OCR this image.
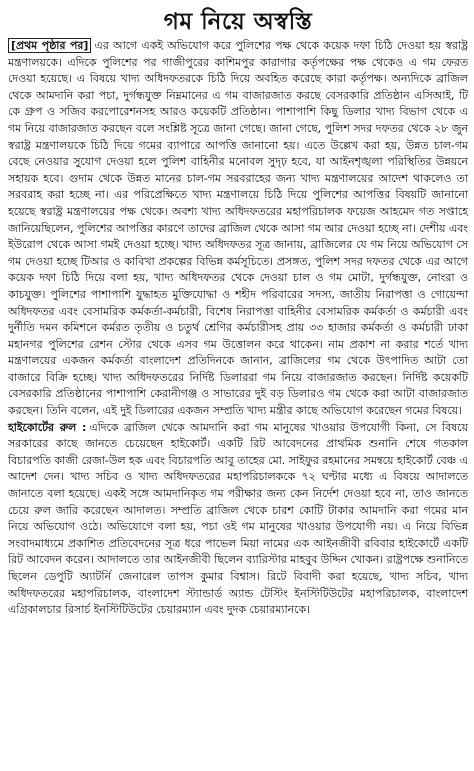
গম নিয়ে অস্বস্তি

[প্রথম পৃষ্ঠার পর] এর আগে একই অভিযোগ করে পুলিশের পক্ষ থেকে কয়েক দফা চিঠি দেওয়া হয় স্বরাষ্ট্র মন্ত্রণালয়কে। এদিকে পুলিশের পর গাজীপুরের কাশিমপুর কারাগার কর্তৃপক্ষের পক্ষ থেকেও এ গম ফেরত দেওয়া হয়েছে। এ বিষয়ে খাদ্য অধিদফতরকে চিঠি দিয়ে অবহিত করেছে কারা কর্তৃপক্ষ। অন্যদিকে ব্রাজিল থেকে আমদানি করা পচা, দুর্গন্ধযুক্ত নিম্নমানের এ গম বাজারজাত করছে বেসরকারি প্রতিষ্ঠান এসিআই, টি কে গ্রুপ ও সজিব করপোরেশনসহ আরও কয়েকটি প্রতিষ্ঠান। পাশাপাশি কিছু ডিলার খাদ্য বিভাগ থেকে এ গম নিয়ে বাজারজাত করছেন বলে সংশ্লিষ্ট সূত্রে জানা গেছে। জানা গেছে, পুলিশ সদর দফতর থেকে ২৮ জুন স্বরাষ্ট্র মন্ত্রণালয়কে চিঠি দিয়ে গমের ব্যাপারে আপত্তি জানানো হয়। এতে উল্লেখ করা হয়, উন্নত চাল-গম বেছে নেওয়ার সুযোগ দেওয়া হলে পুলিশ বাহিনীর মনোবল সুদৃঢ় হবে, যা আইনশৃঙ্খলা পরিস্থিতির উন্নয়নে সহায়ক হবে। গুদাম থেকে উন্নত মানের চাল-গম সরবরাহের জন্য খাদ্য মন্ত্রণালয়ের আদেশ থাকলেও তা সরবরাহ করা হচ্ছে না। এর পরিপ্রেক্ষিতে খাদ্য মন্ত্রণালয়ে চিঠি দিয়ে পুলিশের আপত্তির বিষয়টি জানানো হয়েছে স্বরাষ্ট্র মন্ত্রণালয়ের পক্ষ থেকে। অবশ্য খাদ্য অধিদফতরের মহাপরিচালক ফয়েজ আহমেদ গত সপ্তাহে জানিয়েছিলেন, পুলিশের আপত্তির কারণে তাদের ব্রাজিল থেকে আসা গম আর দেওয়া হচ্ছে না। দেশীয় এবং ইউরোপ থেকে আসা গমই দেওয়া হচ্ছে। খাদ্য অধিদফতর সূত্র জানায়, ব্রাজিলের যে গম নিয়ে অভিযোগ সে গম দেওয়া হচ্ছে টিআর ও কাবিখা প্রকল্পের বিভিন্ন কর্মসূচিতে। প্রসঙ্গত, পুলিশ সদর দফতর থেকে এর আগে কয়েক দফা চিঠি দিয়ে বলা হয়, খাদ্য অধিদফতর থেকে দেওয়া চাল ও গম মোটা, দুর্গন্ধযুক্ত, নোংরা ও কাচযুক্ত। পুলিশের পাশাপাশি যুদ্ধাহত মুক্তিযোদ্ধা ও শহীদ পরিবারের সদস্য, জাতীয় নিরাপত্তা ও গোয়েন্দা অধিদফতর এবং বেসামরিক কর্মকর্তা-কর্মচারী, বিশেষ নিরাপত্তা বাহিনীর বেসামরিক কর্মকর্তা ও কর্মচারী এবং দুর্নীতি দমন কমিশনে কর্মরত তৃতীয় ও চতুর্থ শ্রেণির কর্মচারীসহ প্রায় ৩৩ হাজার কর্মকর্তা ও কর্মচারী ঢাকা মহানগর পুলিশের রেশন স্টোর থেকে এসব গম উত্তোলন করে থাকেন। নাম প্রকাশ না করার শর্তে খাদ্য মন্ত্রণালয়ের একজন কর্মকর্তা বাংলাদেশ প্রতিদিনকে জানান, ব্রাজিলের গম থেকে উৎপাদিত আটা তো বাজারে বিক্রি হচ্ছে। খাদ্য অধিদফতরের নির্দিষ্ট ডিলাররা গম নিয়ে বাজারজাত করছেন। নির্দিষ্ট কয়েকটি বেসরকারি প্রতিষ্ঠানের পাশাপাশি কেরানীগঞ্জ ও সাভারের দুই বড় ডিলারও গম থেকে করা আটা বাজারজাত করছেন। তিনি বলেন, এই দুই ডিলারের একজন সম্প্রতি খাদ্য মন্ত্রীর কাছে অভিযোগ করেছেন গমের বিষয়ে।

হাইকোর্টের রুল : এদিকে ব্রাজিল থেকে আমদানি করা গম মানুষের খাওয়ার উপযোগী কিনা, সে বিষয়ে সরকারের কাছে জানতে চেয়েছেন হাইকোর্ট। একটি রিট আবেদনের প্রাথমিক শুনানি শেষে গতকাল বিচারপতি কাজী রেজা-উল হক এবং বিচারপতি আবু তাহের মো. সাইফুর রহমানের সমন্বয়ে হাইকোর্ট বেঞ্চ এ আদেশ দেন। খাদ্য সচিব ও খাদ্য অধিদফতরের মহাপরিচালককে ৭২ ঘণ্টার মধ্যে এ বিষয়ে আদালতে জানাতে বলা হয়েছে। একই সঙ্গে আমদানিকৃত গম পরীক্ষার জন্য কেন নির্দেশ দেওয়া হবে না, তাও জানতে চেয়ে রুল জারি করেছেন আদালত। সম্প্রতি ব্রাজিল থেকে চারশ কোটি টাকার আমদানি করা গমের মান নিয়ে অভিযোগ ওঠে। অভিযোগে বলা হয়, পচা ওই গম মানুষের খাওয়ার উপযোগী নয়। এ নিয়ে বিভিন্ন সংবাদমাধ্যমে প্রকাশিত প্রতিবেদনের সূত্র ধরে পাভেল মিয়া নামের এক আইনজীবী রবিবার হাইকোর্টে একটি রিট আবেদন করেন। আদালতে তার আইনজীবী ছিলেন ব্যারিস্টার মাহবুব উদ্দিন খোকন। রাষ্ট্রপক্ষে শুনানিতে ছিলেন ডেপুটি অ্যাটর্নি জেনারেল তাপস কুমার বিশ্বাস। রিটে বিবাদী করা হয়েছে, খাদ্য সচিব, খাদ্য অধিদফতরের মহাপরিচালক, বাংলাদেশ স্ট্যান্ডার্ড অ্যান্ড টেস্টিং ইনস্টিটিউটের মহাপরিচালক, বাংলাদেশ এগ্রিকালচার রিসার্চ ইনস্টিটিউটের চেয়ারম্যান এবং দুদক চেয়ারম্যানকে।
